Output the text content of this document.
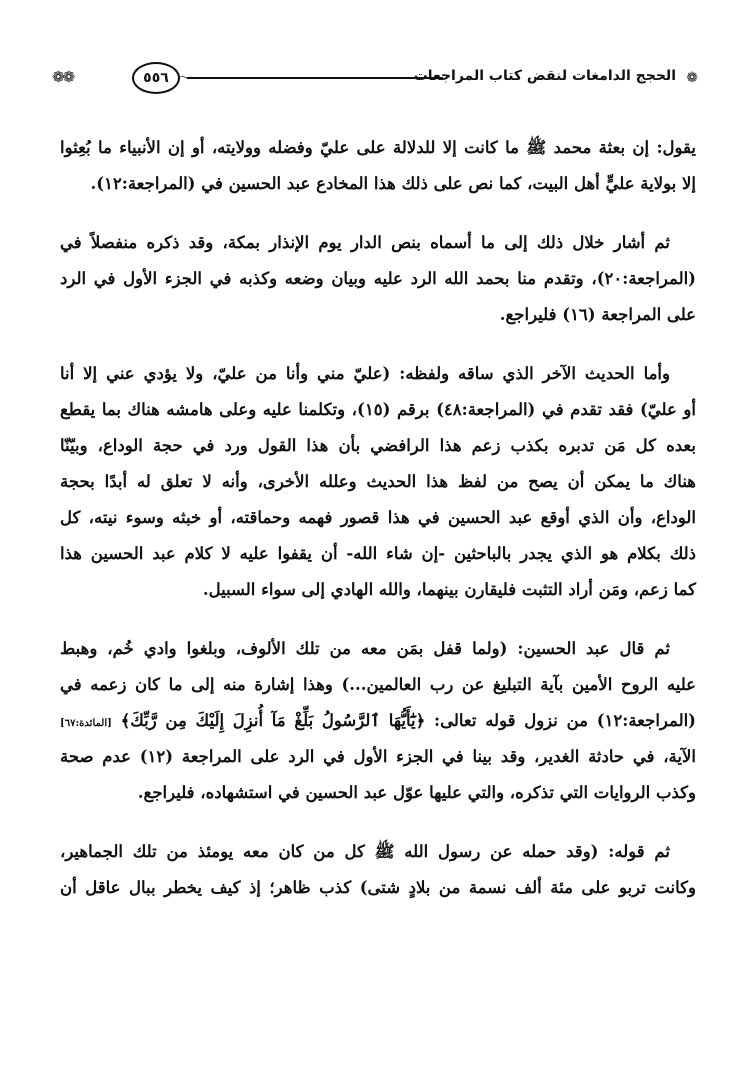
❁
الحجج الدامغات لنقض كتاب المراجعات
〜
٥٥٦
❁❁
يقول: إن بعثة محمد ﷺ ما كانت إلا للدلالة على عليّ وفضله وولايته، أو إن الأنبياء ما بُعِثوا
إلا بولاية عليٍّ أهل البيت، كما نص على ذلك هذا المخادع عبد الحسين في (المراجعة:١٢).
ثم أشار خلال ذلك إلى ما أسماه بنص الدار يوم الإنذار بمكة، وقد ذكره منفصلاً في
(المراجعة:٢٠)، وتقدم منا بحمد الله الرد عليه وبيان وضعه وكذبه في الجزء الأول في الرد
على المراجعة (١٦) فليراجع.
وأما الحديث الآخر الذي ساقه ولفظه: (عليّ مني وأنا من عليّ، ولا يؤدي عني إلا أنا
أو عليّ) فقد تقدم في (المراجعة:٤٨) برقم (١٥)، وتكلمنا عليه وعلى هامشه هناك بما يقطع
بعده كل مَن تدبره بكذب زعم هذا الرافضي بأن هذا القول ورد في حجة الوداع، وبيّنّا
هناك ما يمكن أن يصح من لفظ هذا الحديث وعلله الأخرى، وأنه لا تعلق له أبدًا بحجة
الوداع، وأن الذي أوقع عبد الحسين في هذا قصور فهمه وحماقته، أو خبثه وسوء نيته، كل
ذلك بكلام هو الذي يجدر بالباحثين -إن شاء الله- أن يقفوا عليه لا كلام عبد الحسين هذا
كما زعم، ومَن أراد التثبت فليقارن بينهما، والله الهادي إلى سواء السبيل.
ثم قال عبد الحسين: (ولما قفل بمَن معه من تلك الألوف، وبلغوا وادي خُم، وهبط
عليه الروح الأمين بآية التبليغ عن رب العالمين...) وهذا إشارة منه إلى ما كان زعمه في
(المراجعة:١٢) من نزول قوله تعالى: ﴿يَٰٓأَيُّهَا ٱلرَّسُولُ بَلِّغْ مَآ أُنزِلَ إِلَيْكَ مِن رَّبِّكَ﴾ [المائدة:٦٧]
الآية، في حادثة الغدير، وقد بينا في الجزء الأول في الرد على المراجعة (١٢) عدم صحة
وكذب الروايات التي تذكره، والتي عليها عوّل عبد الحسين في استشهاده، فليراجع.
ثم قوله: (وقد حمله عن رسول الله ﷺ كل من كان معه يومئذ من تلك الجماهير،
وكانت تربو على مئة ألف نسمة من بلادٍ شتى) كذب ظاهر؛ إذ كيف يخطر ببال عاقل أن
